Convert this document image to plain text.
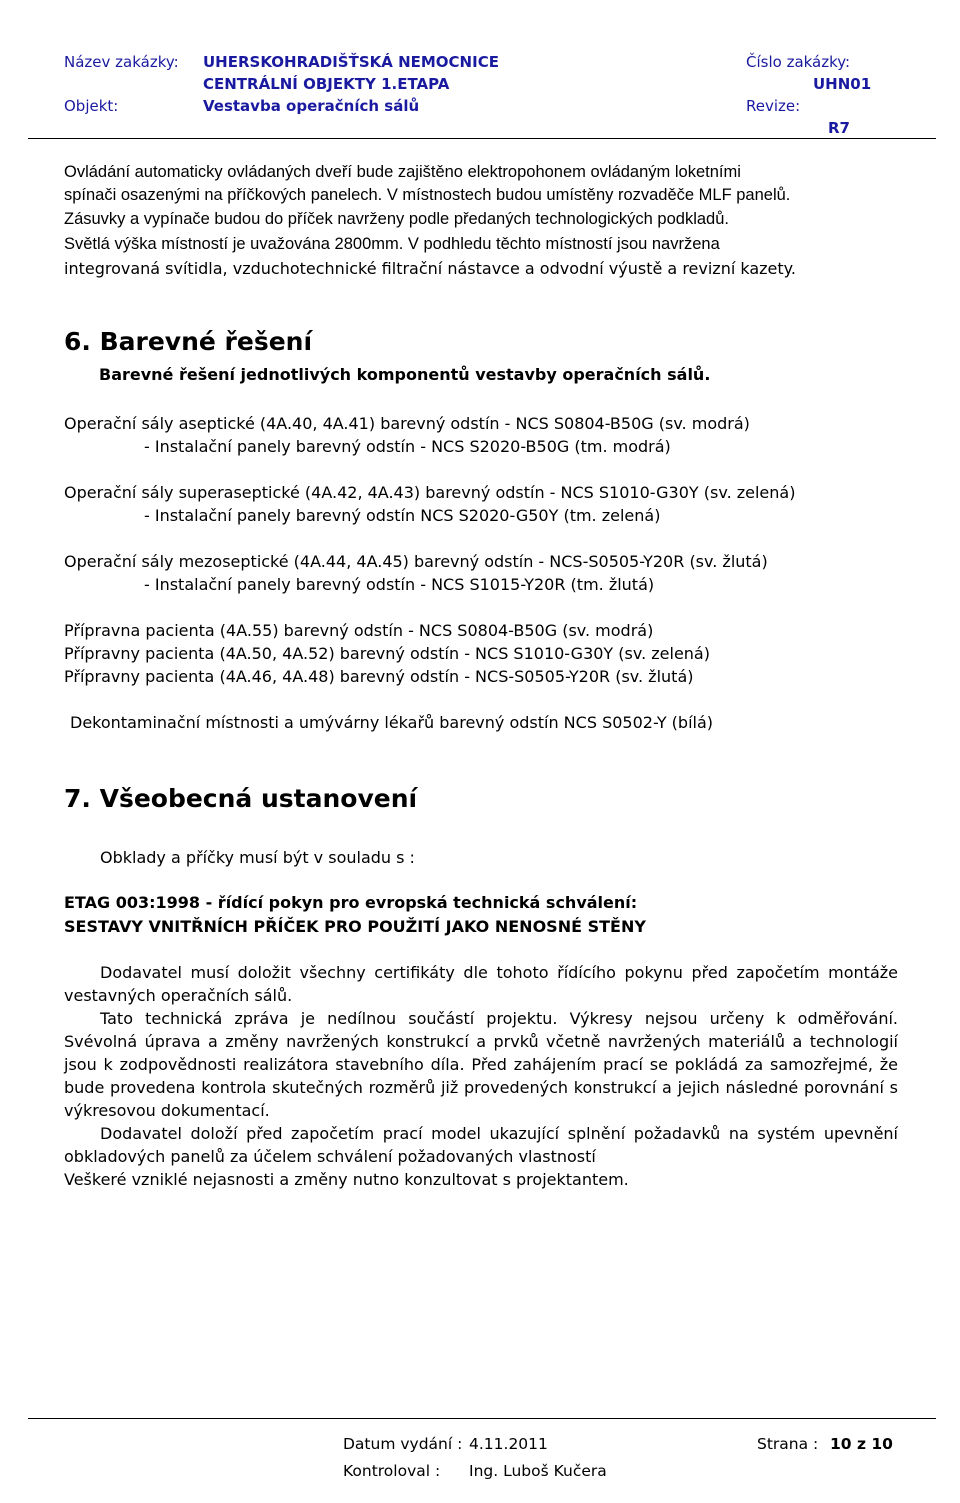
Název zakázky: UHERSKOHRADIŠŤSKÁ NEMOCNICE
CENTRÁLNÍ OBJEKTY 1.ETAPA
Číslo zakázky:
UHN01
Objekt:	Vestavba operačních sálů	Revize:
R7
Ovládání automaticky ovládaných dveří bude zajištěno elektropohonem ovládaným loketními
spínači osazenými na příčkových panelech. V místnostech budou umístěny rozvaděče MLF panelů.
Zásuvky a vypínače budou do příček navrženy podle předaných technologických podkladů.
Světlá výška místností je uvažována 2800mm. V podhledu těchto místností jsou navržena
integrovaná svítidla, vzduchotechnické filtrační nástavce a odvodní výustě a revizní kazety.
6. Barevné řešení
Barevné řešení jednotlivých komponentů vestavby operačních sálů.
Operační sály aseptické (4A.40, 4A.41) barevný odstín - NCS S0804-B50G (sv. modrá)
- Instalační panely barevný odstín - NCS S2020-B50G (tm. modrá)
Operační sály superaseptické (4A.42, 4A.43) barevný odstín - NCS S1010-G30Y (sv. zelená)
- Instalační panely barevný odstín NCS S2020-G50Y (tm. zelená)
Operační sály mezoseptické (4A.44, 4A.45) barevný odstín - NCS-S0505-Y20R (sv. žlutá)
- Instalační panely barevný odstín - NCS S1015-Y20R (tm. žlutá)
Přípravna pacienta (4A.55) barevný odstín - NCS S0804-B50G (sv. modrá)
Přípravny pacienta (4A.50, 4A.52) barevný odstín - NCS S1010-G30Y (sv. zelená)
Přípravny pacienta (4A.46, 4A.48) barevný odstín - NCS-S0505-Y20R (sv. žlutá)
Dekontaminační místnosti a umývárny lékařů barevný odstín NCS S0502-Y (bílá)
7. Všeobecná ustanovení
Obklady a příčky musí být v souladu s :
ETAG 003:1998 - řídící pokyn pro evropská technická schválení:
SESTAVY VNITŘNÍCH PŘÍČEK PRO POUŽITÍ JAKO NENOSNÉ STĚNY

Dodavatel musí doložit všechny certifikáty dle tohoto řídícího pokynu před započetím montáže vestavných operačních sálů.

Tato technická zpráva je nedílnou součástí projektu. Výkresy nejsou určeny k odměřování. Svévolná úprava a změny navržených konstrukcí a prvků včetně navržených materiálů a technologií jsou k zodpovědnosti realizátora stavebního díla. Před zahájením prací se pokládá za samozřejmé, že bude provedena kontrola skutečných rozměrů již provedených konstrukcí a jejich následné porovnání s výkresovou dokumentací.

Dodavatel doloží před započetím prací model ukazující splnění požadavků na systém upevnění obkladových panelů za účelem schválení požadovaných vlastností

Veškeré vzniklé nejasnosti a změny nutno konzultovat s projektantem.

Datum vydání : 4.11.2011	Strana : 10 z 10
Kontroloval : Ing. Luboš Kučera
